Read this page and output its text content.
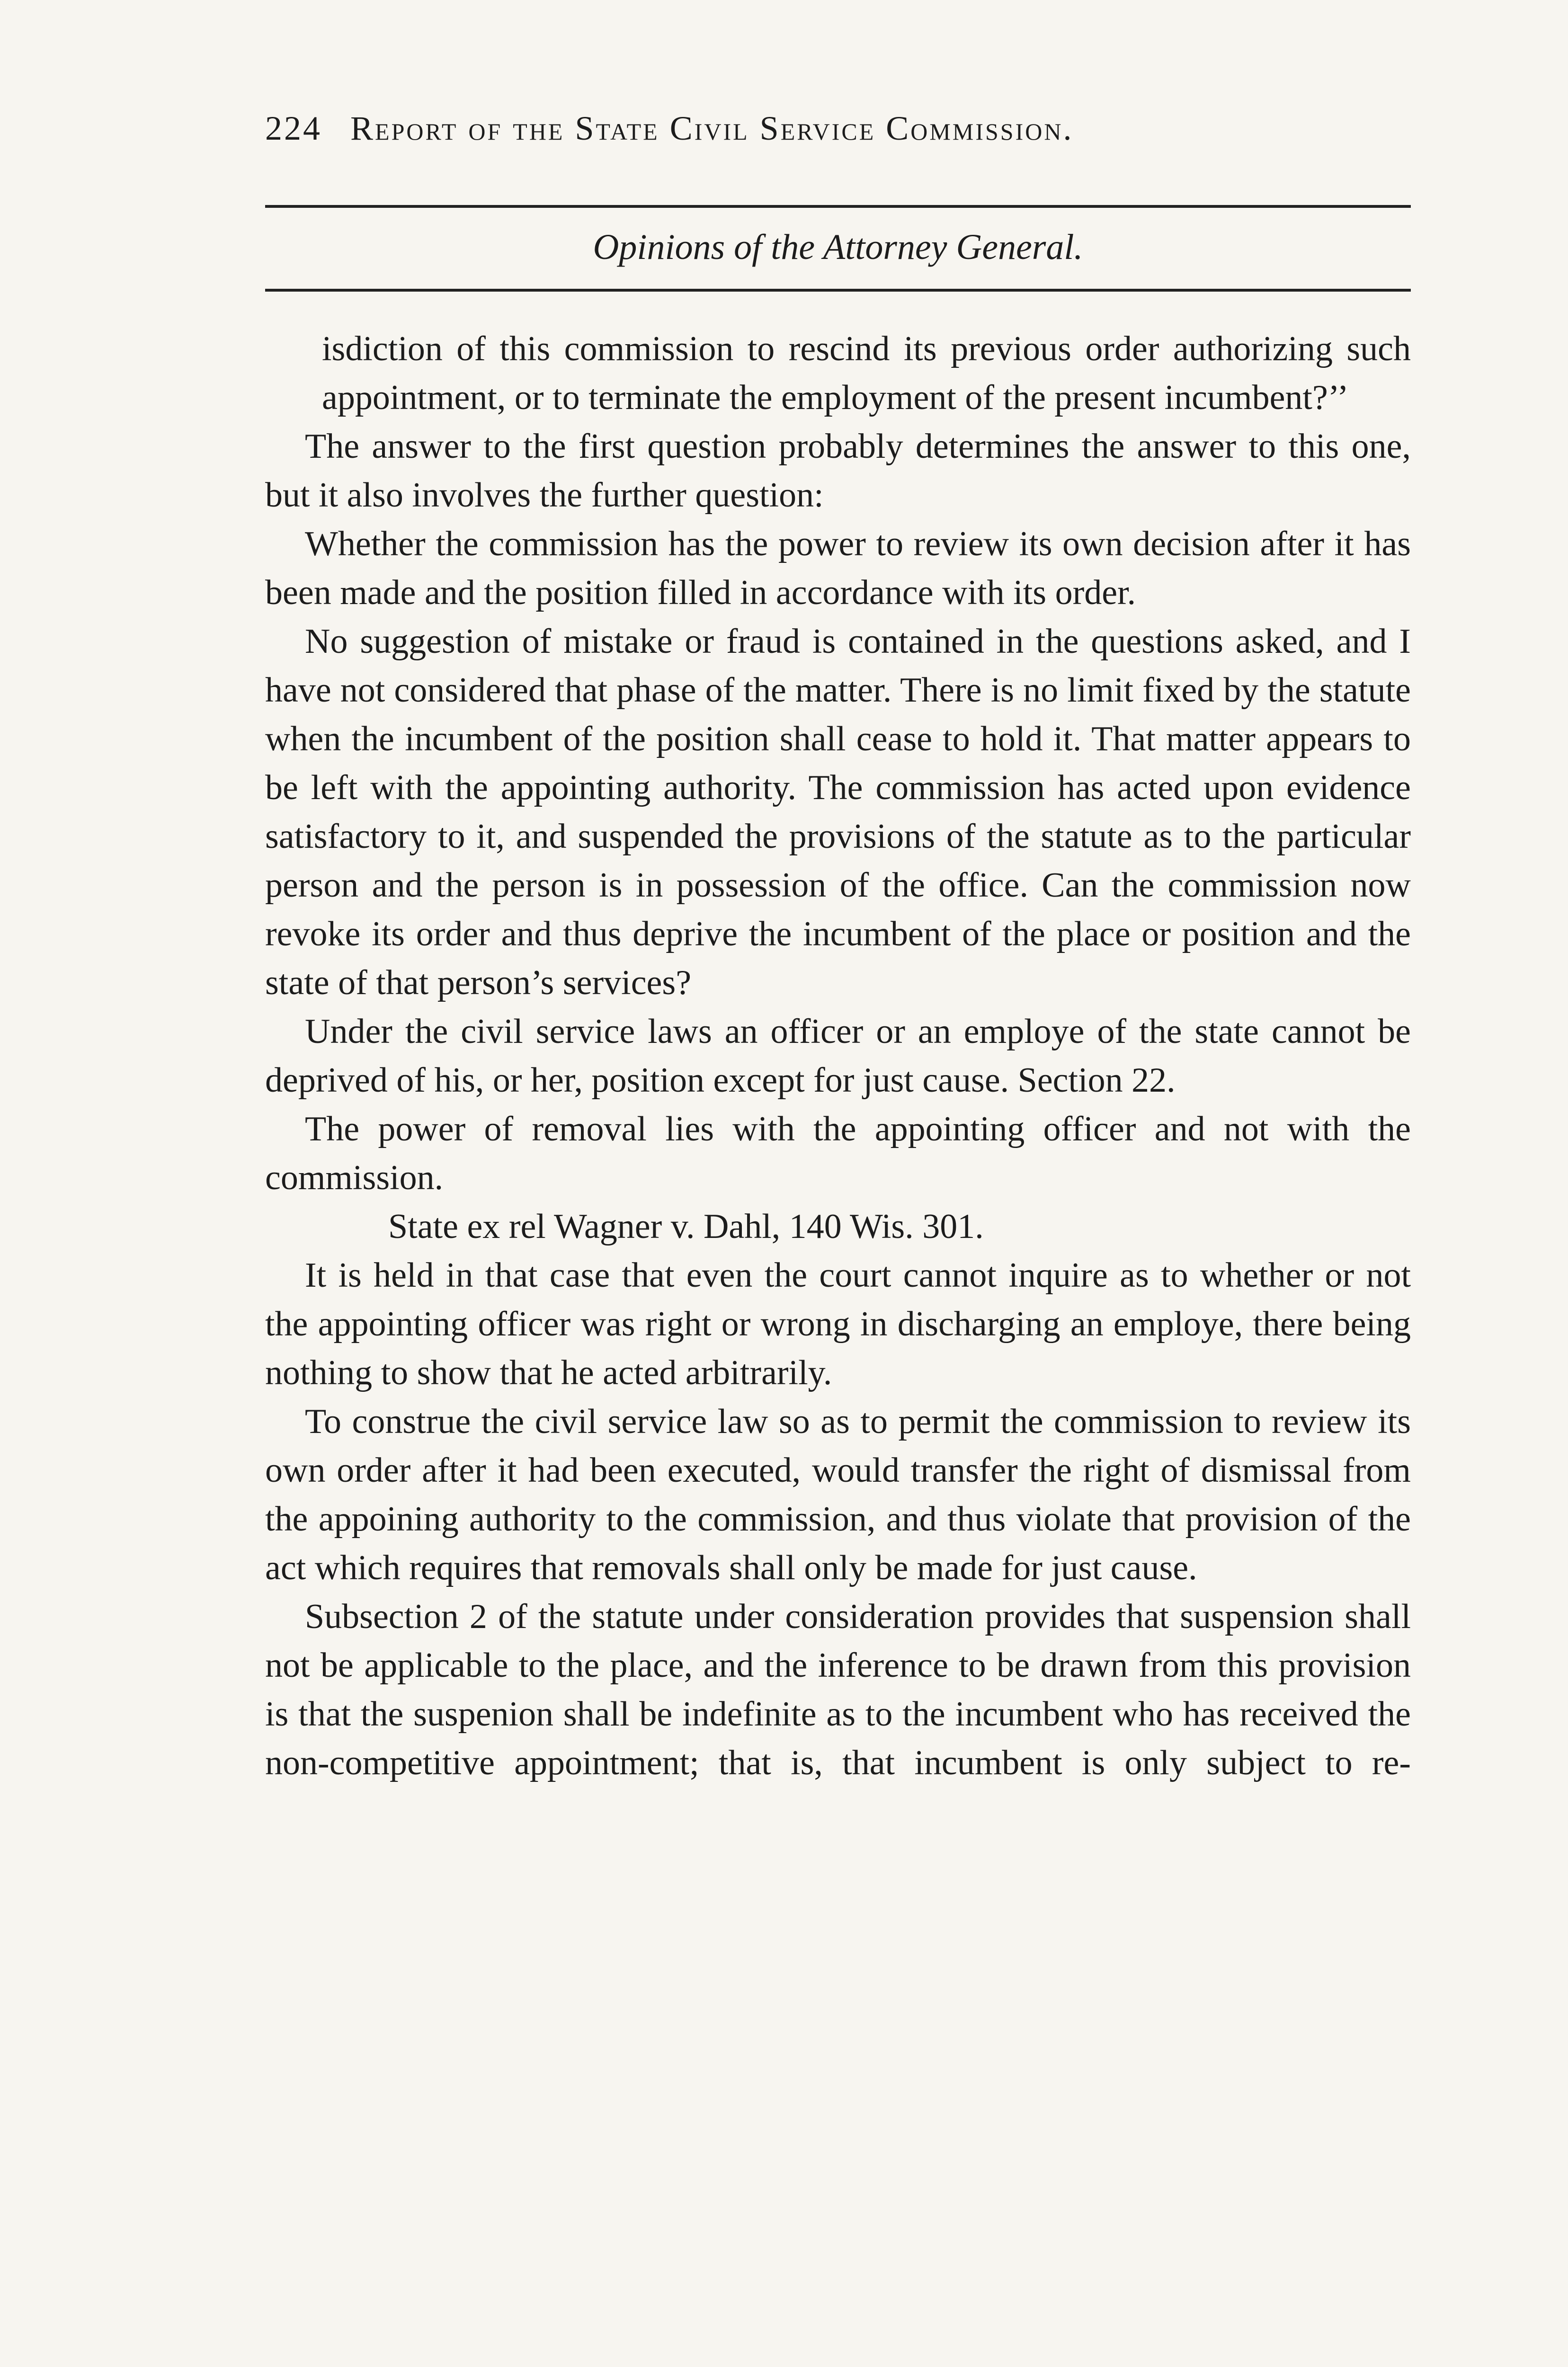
224 Report of the State Civil Service Commission.
Opinions of the Attorney General.

isdiction of this commission to rescind its previous order authorizing such appointment, or to terminate the employment of the present incumbent?’’

The answer to the first question probably determines the answer to this one, but it also involves the further question:

Whether the commission has the power to review its own decision after it has been made and the position filled in accordance with its order.

No suggestion of mistake or fraud is contained in the questions asked, and I have not considered that phase of the matter. There is no limit fixed by the statute when the incumbent of the position shall cease to hold it. That matter appears to be left with the appointing authority. The commission has acted upon evidence satisfactory to it, and suspended the provisions of the statute as to the particular person and the person is in possession of the office. Can the commission now revoke its order and thus deprive the incumbent of the place or position and the state of that person’s services?

Under the civil service laws an officer or an employe of the state cannot be deprived of his, or her, position except for just cause. Section 22.

The power of removal lies with the appointing officer and not with the commission.

State ex rel Wagner v. Dahl, 140 Wis. 301.

It is held in that case that even the court cannot inquire as to whether or not the appointing officer was right or wrong in discharging an employe, there being nothing to show that he acted arbitrarily.

To construe the civil service law so as to permit the commission to review its own order after it had been executed, would transfer the right of dismissal from the appoining authority to the commission, and thus violate that provision of the act which requires that removals shall only be made for just cause.

Subsection 2 of the statute under consideration provides that suspension shall not be applicable to the place, and the inference to be drawn from this provision is that the suspenion shall be indefinite as to the incumbent who has received the non-competitive appointment; that is, that incumbent is only subject to re-
